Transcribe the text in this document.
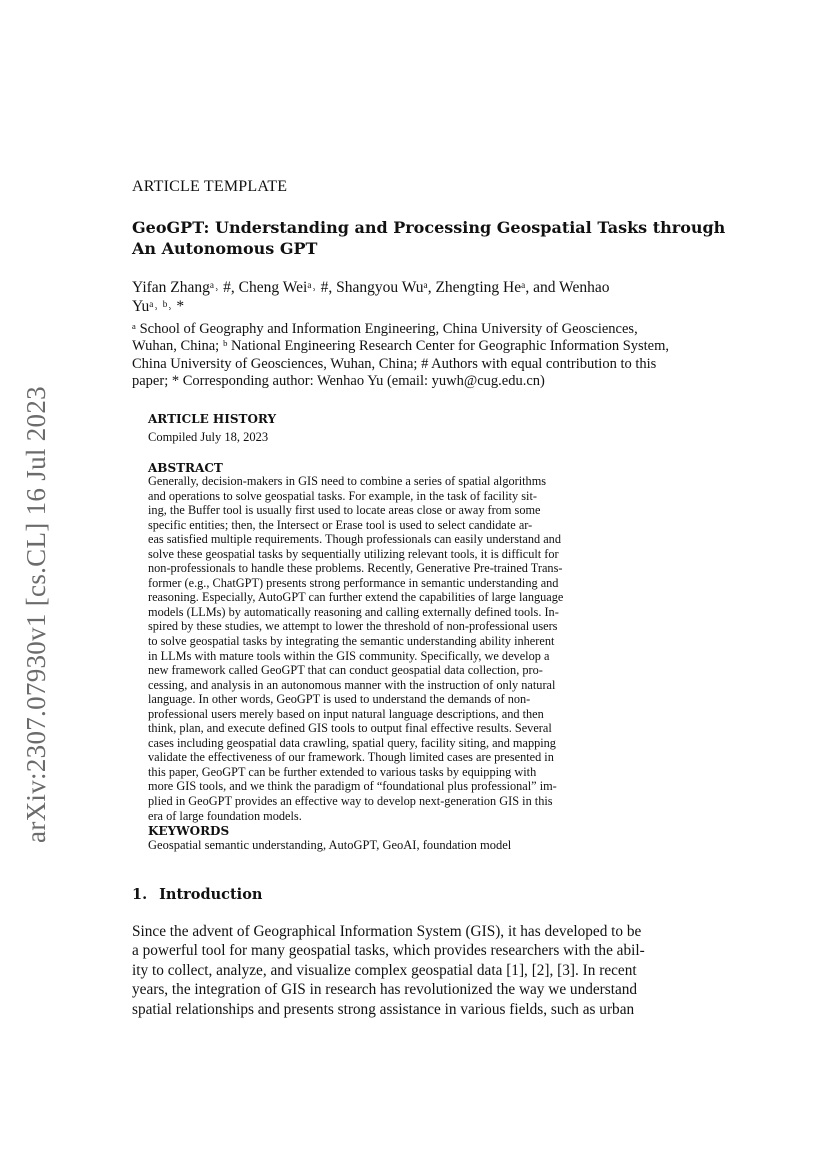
arXiv:2307.07930v1 [cs.CL] 16 Jul 2023
ARTICLE TEMPLATE
GeoGPT: Understanding and Processing Geospatial Tasks through
An Autonomous GPT
Yifan Zhangᵃ˒ #, Cheng Weiᵃ˒ #, Shangyou Wuᵃ, Zhengting Heᵃ, and Wenhao
Yuᵃ˒ ᵇ˒ *
ᵃ School of Geography and Information Engineering, China University of Geosciences,
Wuhan, China; ᵇ National Engineering Research Center for Geographic Information System,
China University of Geosciences, Wuhan, China; # Authors with equal contribution to this
paper; * Corresponding author: Wenhao Yu (email: yuwh@cug.edu.cn)
ARTICLE HISTORY
Compiled July 18, 2023
ABSTRACT
Generally, decision-makers in GIS need to combine a series of spatial algorithms
and operations to solve geospatial tasks. For example, in the task of facility sit-
ing, the Buffer tool is usually first used to locate areas close or away from some
specific entities; then, the Intersect or Erase tool is used to select candidate ar-
eas satisfied multiple requirements. Though professionals can easily understand and
solve these geospatial tasks by sequentially utilizing relevant tools, it is difficult for
non-professionals to handle these problems. Recently, Generative Pre-trained Trans-
former (e.g., ChatGPT) presents strong performance in semantic understanding and
reasoning. Especially, AutoGPT can further extend the capabilities of large language
models (LLMs) by automatically reasoning and calling externally defined tools. In-
spired by these studies, we attempt to lower the threshold of non-professional users
to solve geospatial tasks by integrating the semantic understanding ability inherent
in LLMs with mature tools within the GIS community. Specifically, we develop a
new framework called GeoGPT that can conduct geospatial data collection, pro-
cessing, and analysis in an autonomous manner with the instruction of only natural
language. In other words, GeoGPT is used to understand the demands of non-
professional users merely based on input natural language descriptions, and then
think, plan, and execute defined GIS tools to output final effective results. Several
cases including geospatial data crawling, spatial query, facility siting, and mapping
validate the effectiveness of our framework. Though limited cases are presented in
this paper, GeoGPT can be further extended to various tasks by equipping with
more GIS tools, and we think the paradigm of “foundational plus professional” im-
plied in GeoGPT provides an effective way to develop next-generation GIS in this
era of large foundation models.
KEYWORDS
Geospatial semantic understanding, AutoGPT, GeoAI, foundation model
1. Introduction
Since the advent of Geographical Information System (GIS), it has developed to be
a powerful tool for many geospatial tasks, which provides researchers with the abil-
ity to collect, analyze, and visualize complex geospatial data [1], [2], [3]. In recent
years, the integration of GIS in research has revolutionized the way we understand
spatial relationships and presents strong assistance in various fields, such as urban
